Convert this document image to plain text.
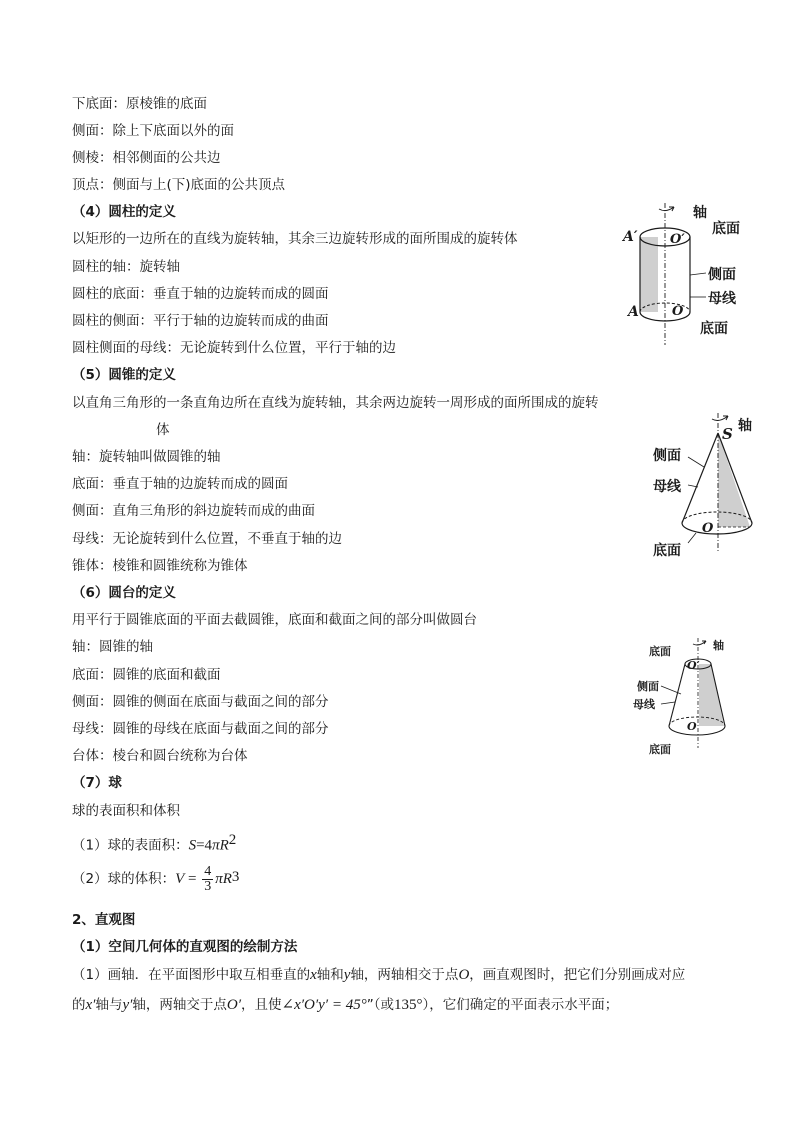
下底面：原棱锥的底面
侧面：除上下底面以外的面
侧棱：相邻侧面的公共边
顶点：侧面与上(下)底面的公共顶点
（4）圆柱的定义
以矩形的一边所在的直线为旋转轴，其余三边旋转形成的面所围成的旋转体
圆柱的轴：旋转轴
圆柱的底面：垂直于轴的边旋转而成的圆面
圆柱的侧面：平行于轴的边旋转而成的曲面
圆柱侧面的母线：无论旋转到什么位置，平行于轴的边
（5）圆锥的定义
以直角三角形的一条直角边所在直线为旋转轴，其余两边旋转一周形成的面所围成的旋转
体
轴：旋转轴叫做圆锥的轴
底面：垂直于轴的边旋转而成的圆面
侧面：直角三角形的斜边旋转而成的曲面
母线：无论旋转到什么位置，不垂直于轴的边
锥体：棱锥和圆锥统称为锥体
（6）圆台的定义
用平行于圆锥底面的平面去截圆锥，底面和截面之间的部分叫做圆台
轴：圆锥的轴
底面：圆锥的底面和截面
侧面：圆锥的侧面在底面与截面之间的部分
母线：圆锥的母线在底面与截面之间的部分
台体：棱台和圆台统称为台体
（7）球
球的表面积和体积
（1）球的表面积：$S=4\pi R^2$
（2）球的体积： $V = \frac{4}{3}$ π R 3
2、直观图
（1）空间几何体的直观图的绘制方法
（1）画轴．在平面图形中取互相垂直的x轴和y轴，两轴相交于点O，画直观图时，把它们分别画成对应
的x′轴与y′轴，两轴交于点O′，且使∠x′O′y′ = 45°”（或135°），它们确定的平面表示水平面；
轴
底面
侧面
母线
底面
A′ O′
A	O
轴
S
侧面
母线
O
底面
轴
底面
O′
侧面
母线
O
底面
